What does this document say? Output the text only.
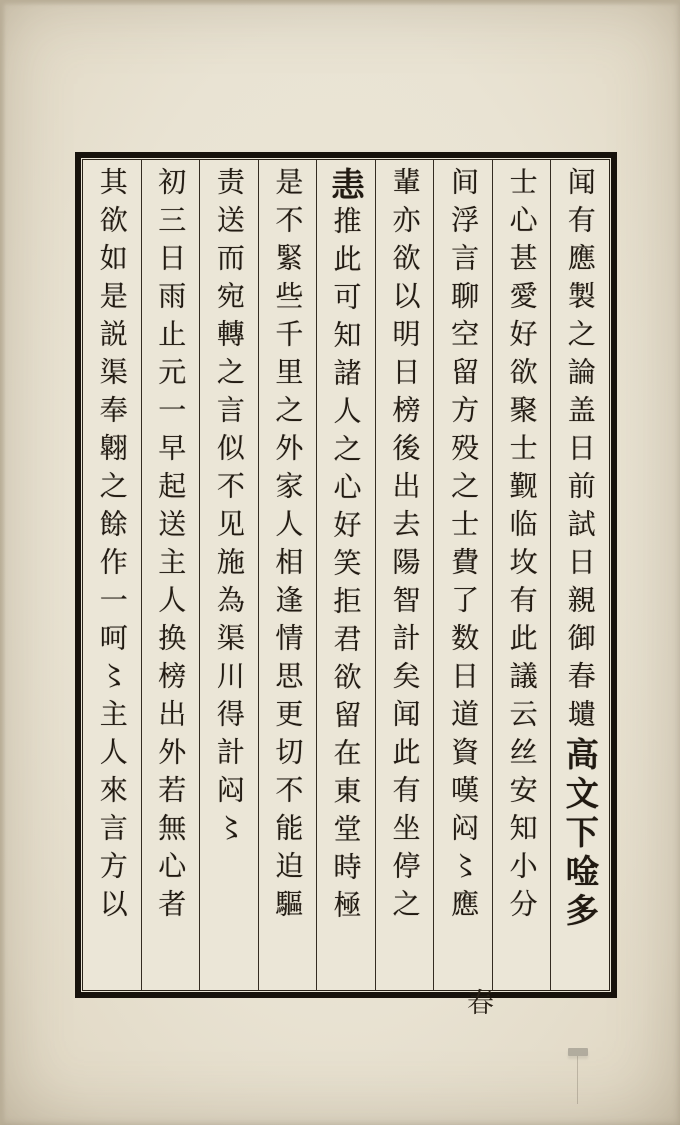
闻有應製之論盖日前試日親御春壝高文下唫多
士心甚愛好欲聚士觐临坆有此議云丝安知小分
间浮言聊空留方殁之士費了数日道資嘆闷〻應
輩亦欲以明日榜後出去陽智計矣闻此有坐停之
恚推此可知諸人之心好笑拒君欲留在東堂時極
是不緊些千里之外家人相逢情思更切不能迫驅
责送而宛轉之言似不见施為渠川得計闷〻
初三日雨止元一早起送主人换榜出外若無心者
其欲如是説渠奉翺之餘作一呵〻主人來言方以
春
